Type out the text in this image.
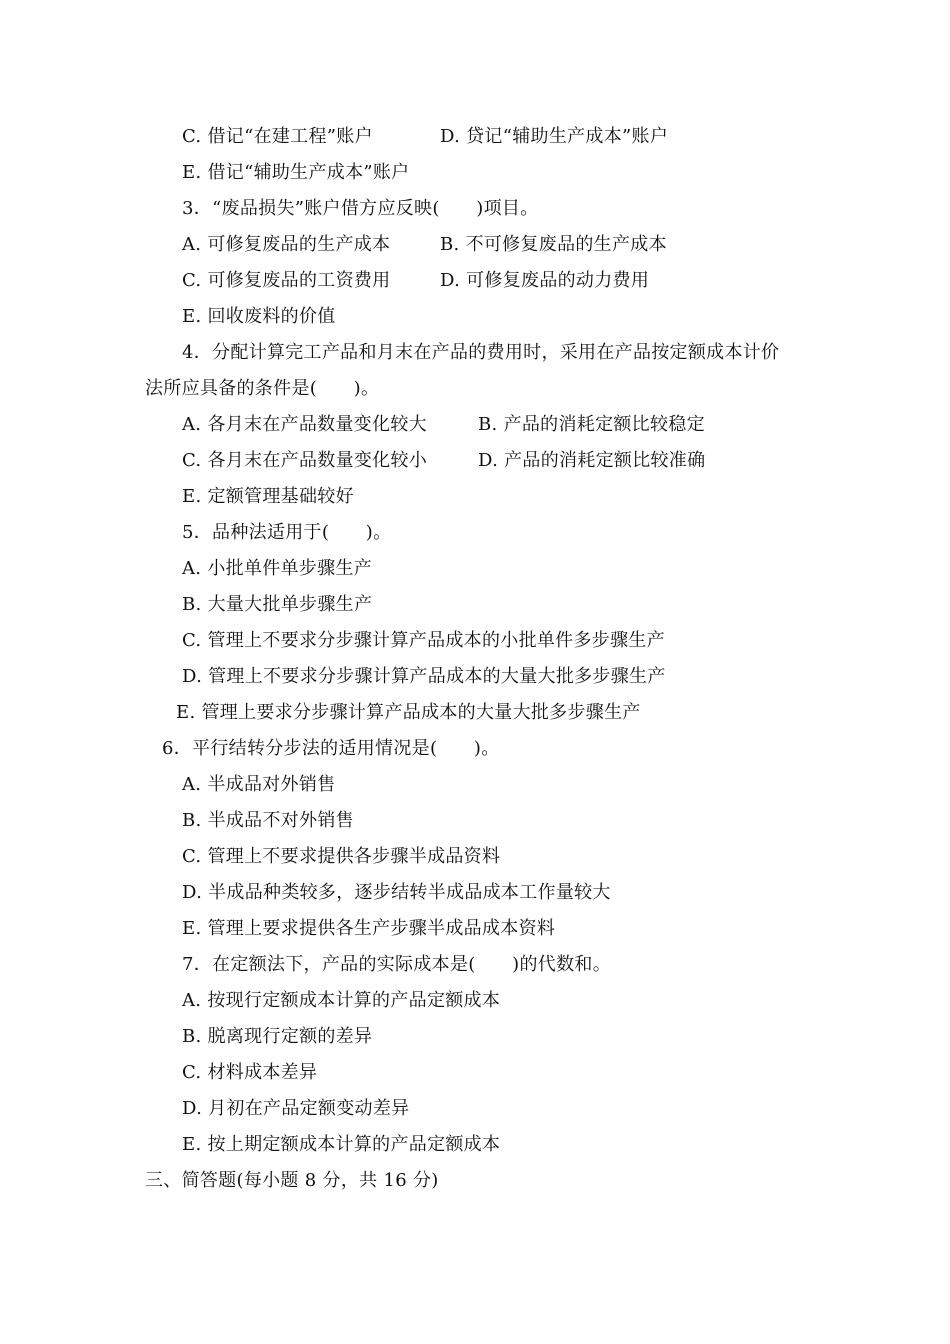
C. 借记“在建工程”账户	D. 贷记“辅助生产成本”账户
E. 借记“辅助生产成本”账户
3．“废品损失”账户借方应反映(　　)项目。
A. 可修复废品的生产成本	B. 不可修复废品的生产成本
C. 可修复废品的工资费用	D. 可修复废品的动力费用
E. 回收废料的价值
4．分配计算完工产品和月末在产品的费用时，采用在产品按定额成本计价
法所应具备的条件是(　　)。
A. 各月末在产品数量变化较大	B. 产品的消耗定额比较稳定
C. 各月末在产品数量变化较小	D. 产品的消耗定额比较准确
E. 定额管理基础较好
5．品种法适用于(　　)。
A. 小批单件单步骤生产
B. 大量大批单步骤生产
C. 管理上不要求分步骤计算产品成本的小批单件多步骤生产
D. 管理上不要求分步骤计算产品成本的大量大批多步骤生产
E. 管理上要求分步骤计算产品成本的大量大批多步骤生产
6．平行结转分步法的适用情况是(　　)。
A. 半成品对外销售
B. 半成品不对外销售
C. 管理上不要求提供各步骤半成品资料
D. 半成品种类较多，逐步结转半成品成本工作量较大
E. 管理上要求提供各生产步骤半成品成本资料
7．在定额法下，产品的实际成本是(　　)的代数和。
A. 按现行定额成本计算的产品定额成本
B. 脱离现行定额的差异
C. 材料成本差异
D. 月初在产品定额变动差异
E. 按上期定额成本计算的产品定额成本
三、简答题(每小题 8 分，共 16 分)
